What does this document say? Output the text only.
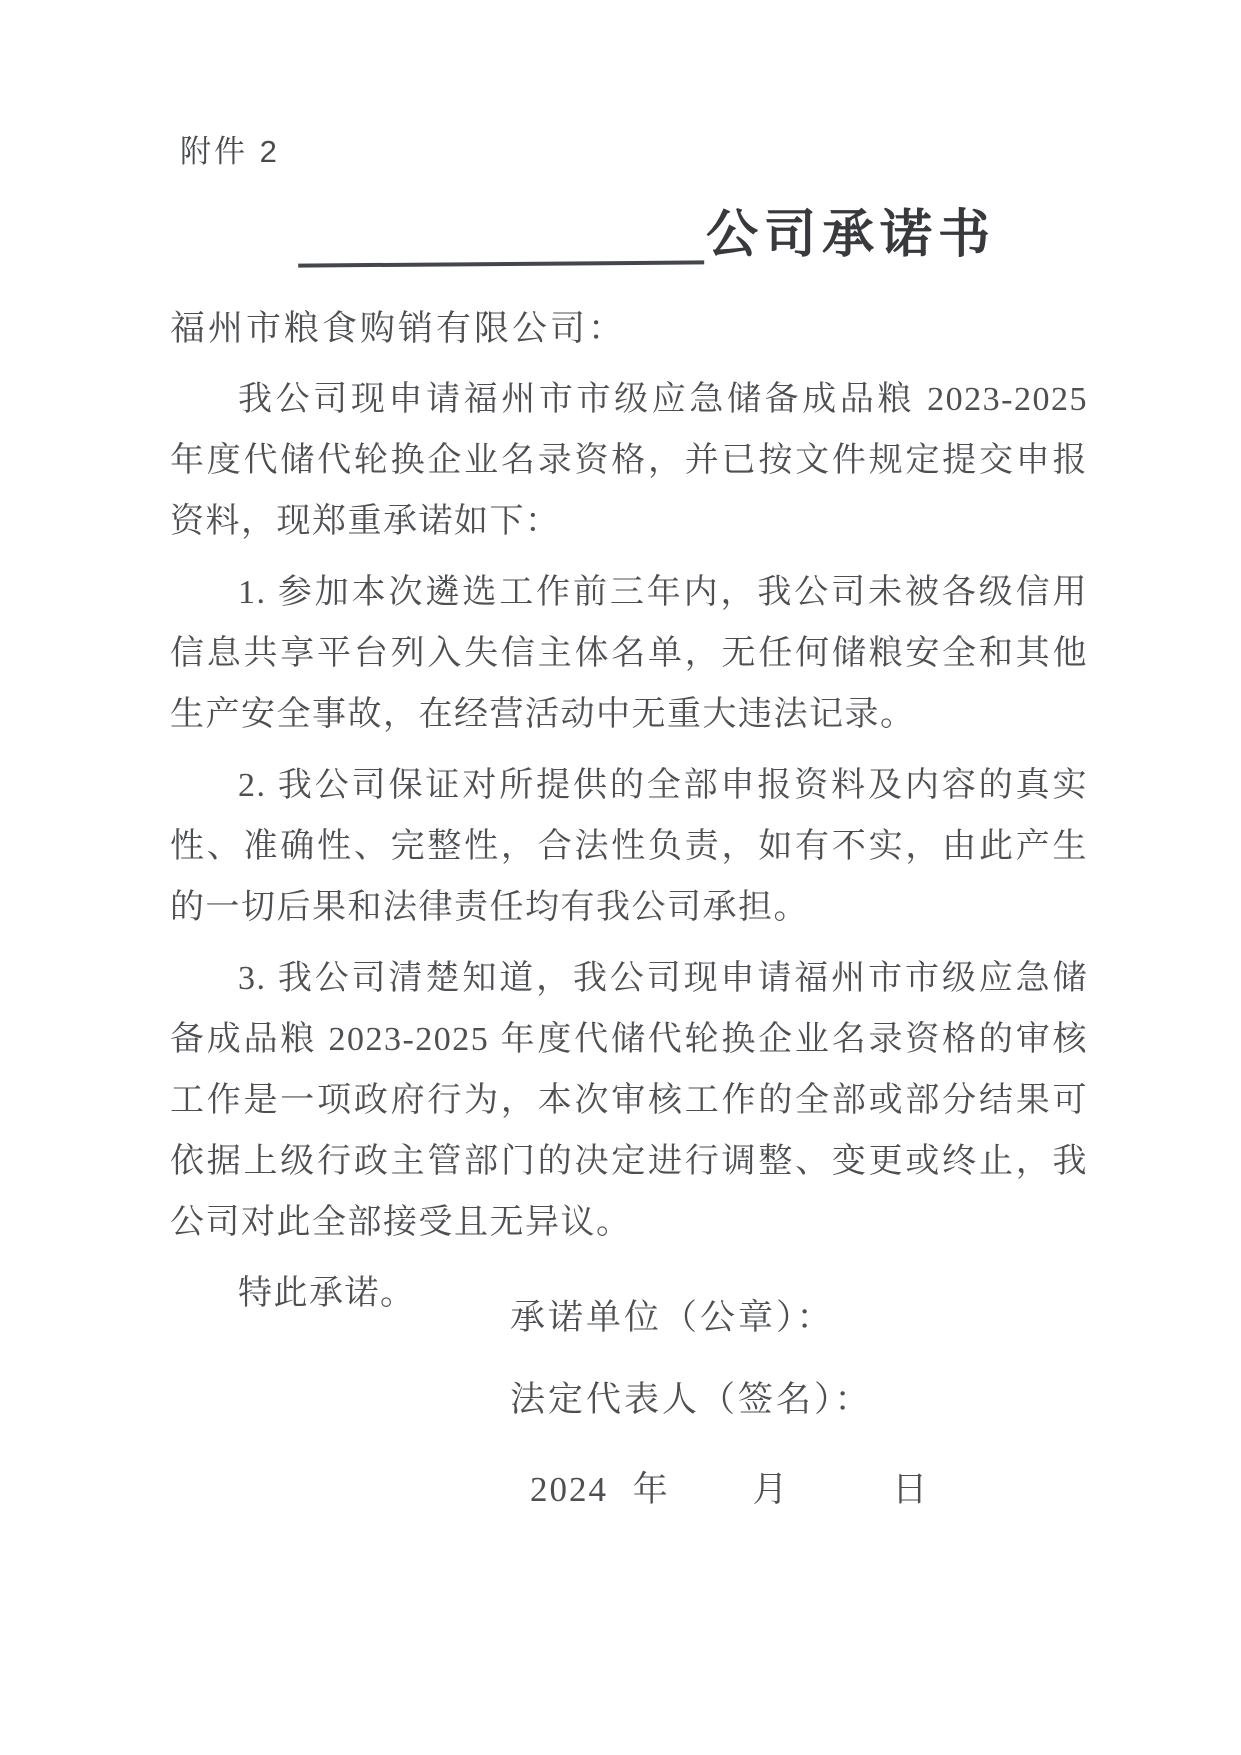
附件 2
公司承诺书

福州市粮食购销有限公司：

我公司现申请福州市市级应急储备成品粮 2023-2025 年度代储代轮换企业名录资格，并已按文件规定提交申报资料，现郑重承诺如下：

1. 参加本次遴选工作前三年内，我公司未被各级信用信息共享平台列入失信主体名单，无任何储粮安全和其他生产安全事故，在经营活动中无重大违法记录。

2. 我公司保证对所提供的全部申报资料及内容的真实性、准确性、完整性，合法性负责，如有不实，由此产生的一切后果和法律责任均有我公司承担。

3. 我公司清楚知道，我公司现申请福州市市级应急储备成品粮 2023-2025 年度代储代轮换企业名录资格的审核工作是一项政府行为，本次审核工作的全部或部分结果可依据上级行政主管部门的决定进行调整、变更或终止，我公司对此全部接受且无异议。

特此承诺。

承诺单位（公章）：

法定代表人（签名）：

2024 年 月	日
